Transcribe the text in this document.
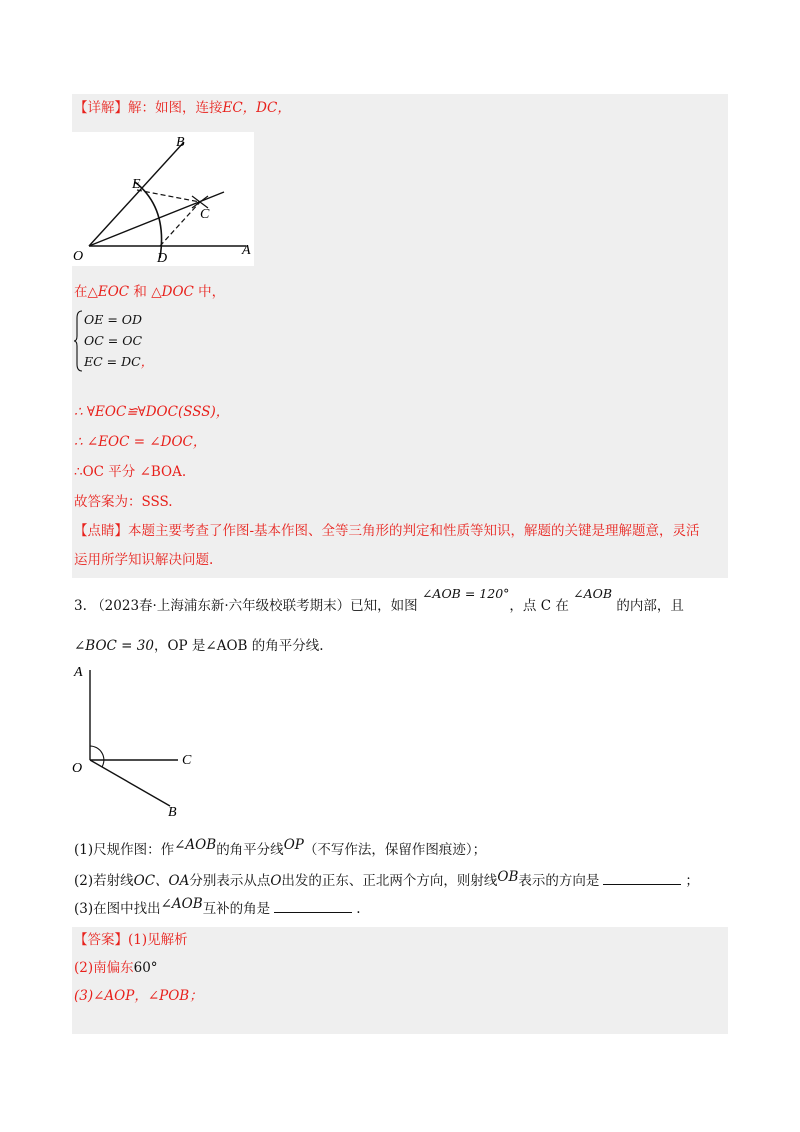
【详解】解：如图，连接EC，DC，
B
E
C
O	D
A
在△EOC 和 △DOC 中，
OE = OD
OC = OC
EC = DC，
∴ ∀EOC≌∀DOC(SSS)，
∴ ∠EOC = ∠DOC，
∴OC 平分 ∠BOA.
故答案为：SSS.
【点睛】本题主要考查了作图-基本作图、全等三角形的判定和性质等知识，解题的关键是理解题意，灵活
运用所学知识解决问题.
3. （2023春·上海浦东新·六年级校联考期末）已知，如图 ∠AOB = 120°，点 C 在 ∠AOB 的内部，且
∠BOC = 30，OP 是∠AOB 的角平分线.
A
O
C
B
(1)尺规作图：作∠AOB的角平分线OP（不写作法，保留作图痕迹）；
(2)若射线OC、OA分别表示从点O出发的正东、正北两个方向，则射线OB表示的方向是	；
(3)在图中找出∠AOB互补的角是	.
【答案】(1)见解析
(2)南偏东60°
(3)∠AOP，∠POB；
